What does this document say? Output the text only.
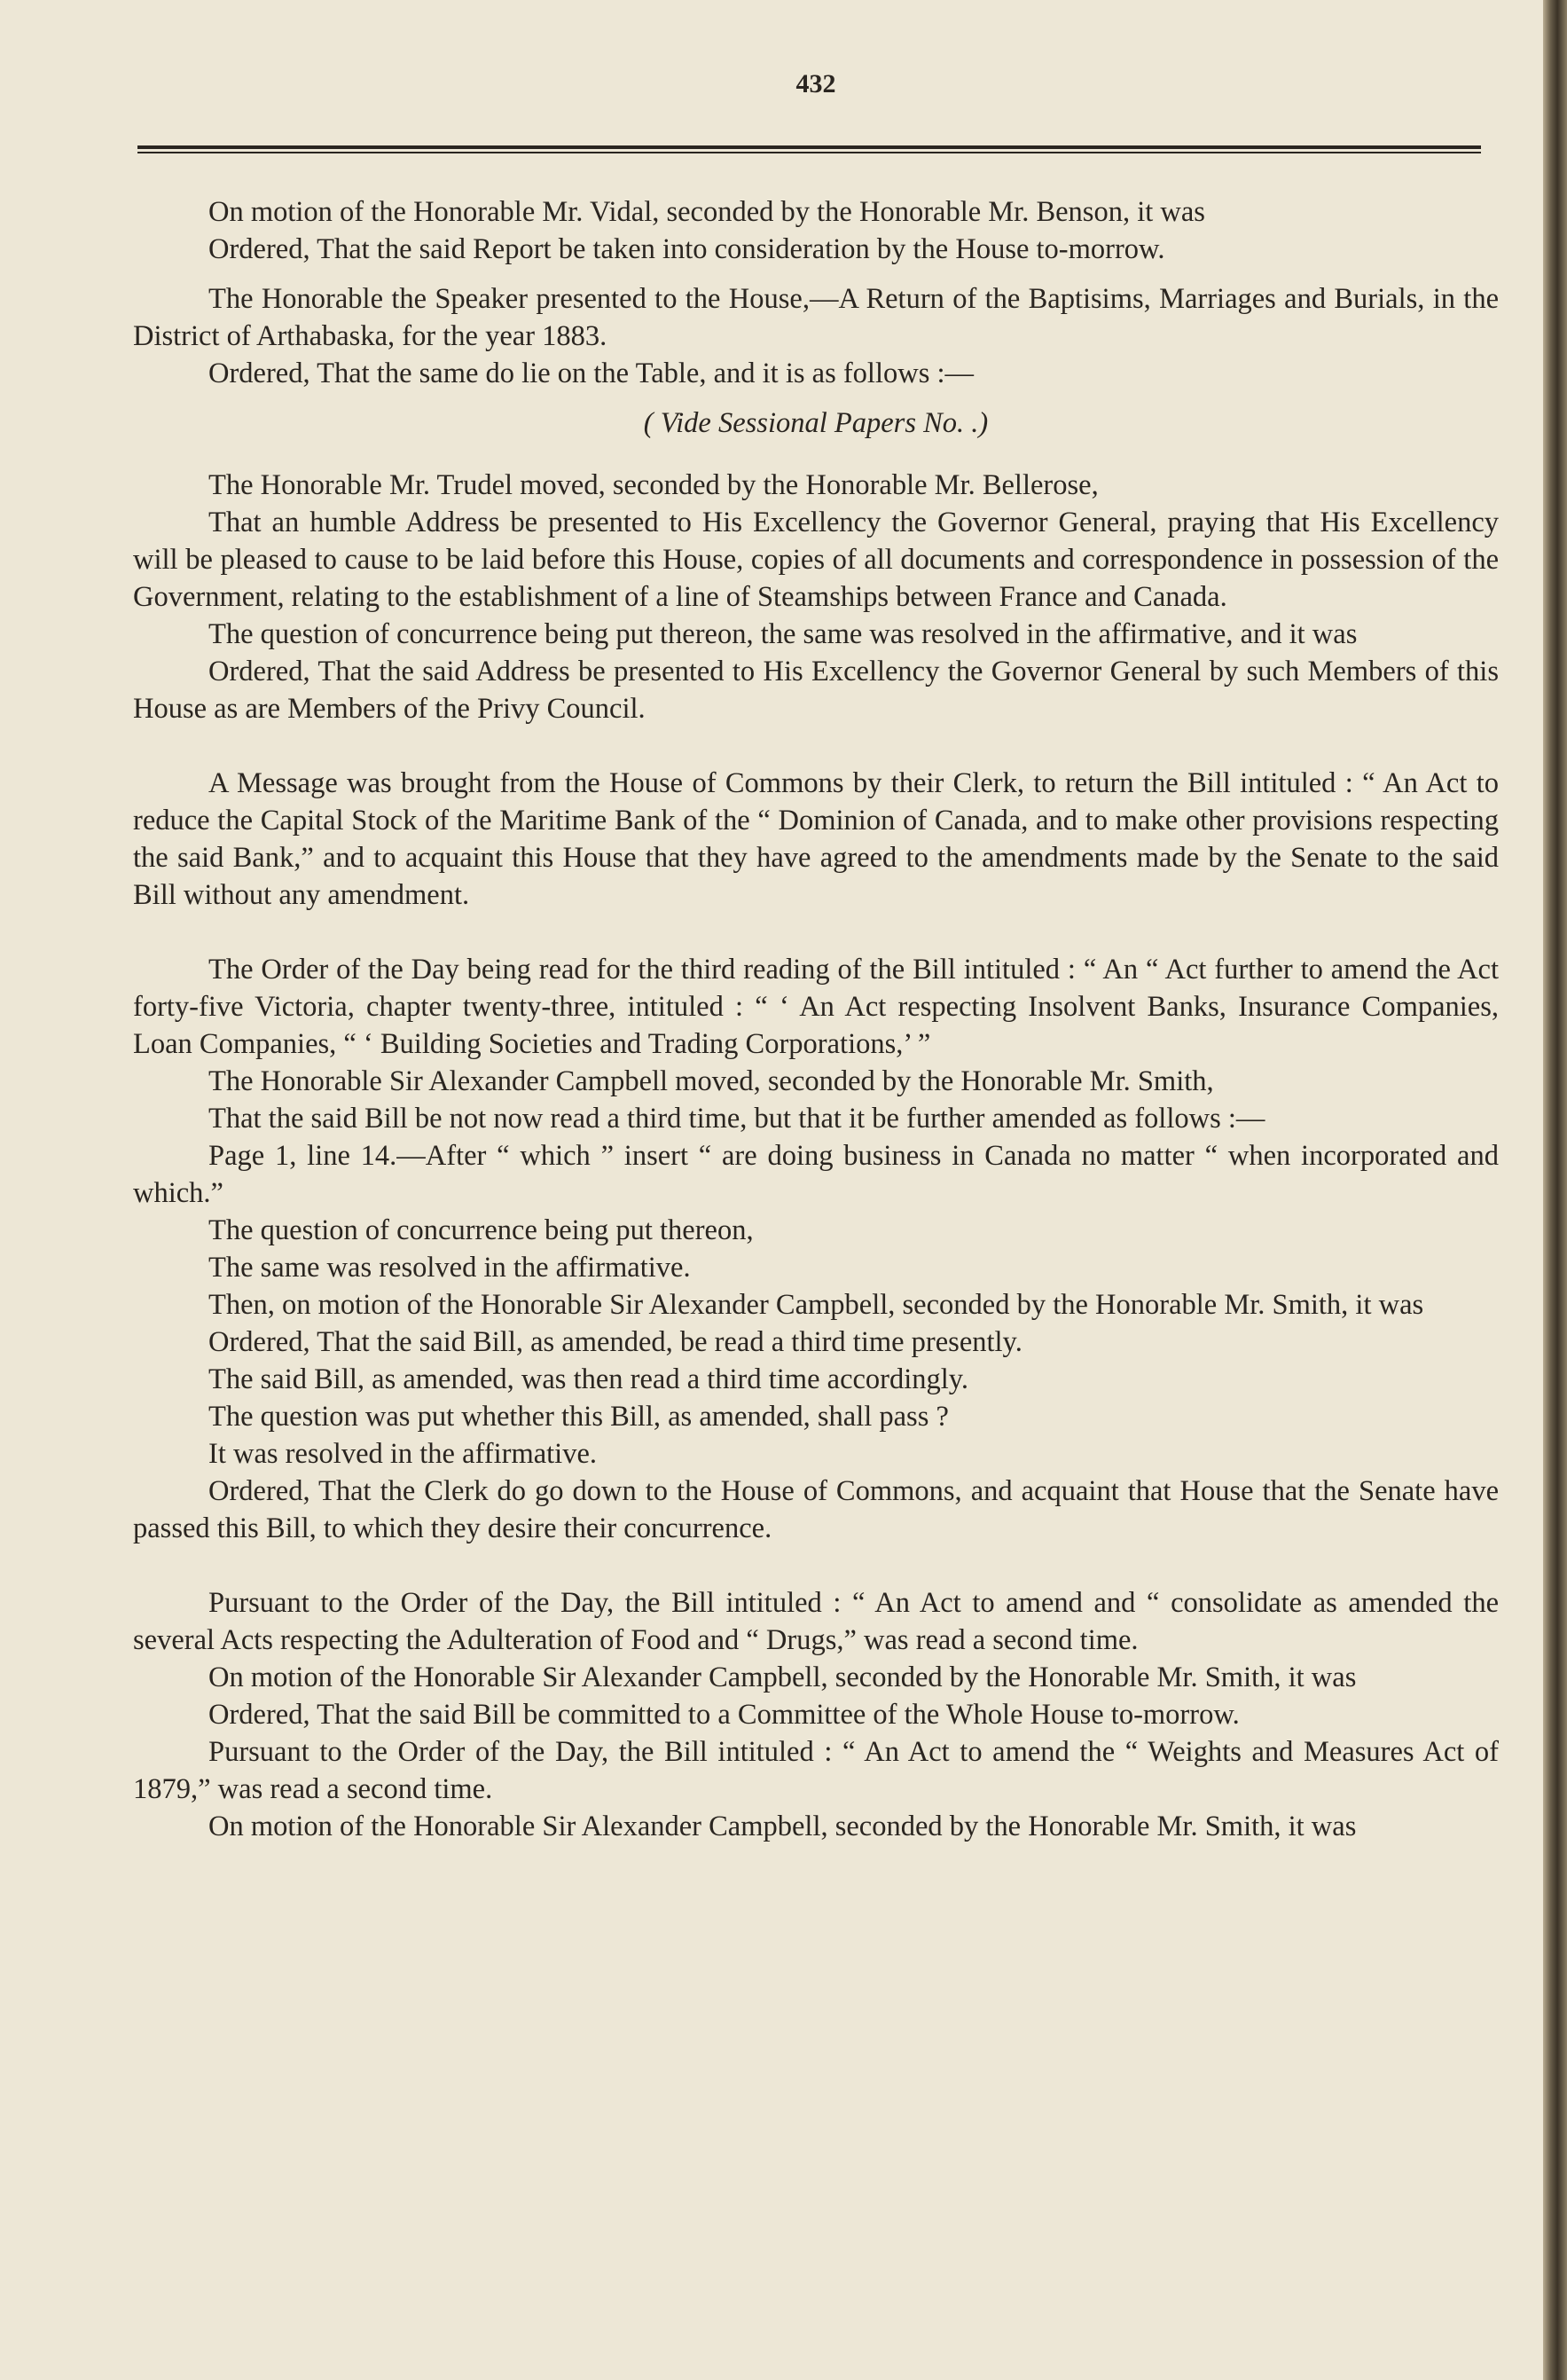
432

On motion of the Honorable Mr. Vidal, seconded by the Honorable Mr. Benson, it was

Ordered, That the said Report be taken into consideration by the House to-morrow.

The Honorable the Speaker presented to the House,—A Return of the Baptisims, Marriages and Burials, in the District of Arthabaska, for the year 1883.

Ordered, That the same do lie on the Table, and it is as follows :—

( Vide Sessional Papers No. .)

The Honorable Mr. Trudel moved, seconded by the Honorable Mr. Bellerose,

That an humble Address be presented to His Excellency the Governor General, praying that His Excellency will be pleased to cause to be laid before this House, copies of all documents and correspondence in possession of the Government, relating to the establishment of a line of Steamships between France and Canada.

The question of concurrence being put thereon, the same was resolved in the affirmative, and it was

Ordered, That the said Address be presented to His Excellency the Governor General by such Members of this House as are Members of the Privy Council.

A Message was brought from the House of Commons by their Clerk, to return the Bill intituled : “ An Act to reduce the Capital Stock of the Maritime Bank of the “ Dominion of Canada, and to make other provisions respecting the said Bank,” and to acquaint this House that they have agreed to the amendments made by the Senate to the said Bill without any amendment.

The Order of the Day being read for the third reading of the Bill intituled : “ An “ Act further to amend the Act forty-five Victoria, chapter twenty-three, intituled : “ ‘ An Act respecting Insolvent Banks, Insurance Companies, Loan Companies, “ ‘ Building Societies and Trading Corporations,’ ”

The Honorable Sir Alexander Campbell moved, seconded by the Honorable Mr. Smith,

That the said Bill be not now read a third time, but that it be further amended as follows :—

Page 1, line 14.—After “ which ” insert “ are doing business in Canada no matter “ when incorporated and which.”

The question of concurrence being put thereon,

The same was resolved in the affirmative.

Then, on motion of the Honorable Sir Alexander Campbell, seconded by the Honorable Mr. Smith, it was

Ordered, That the said Bill, as amended, be read a third time presently.

The said Bill, as amended, was then read a third time accordingly.

The question was put whether this Bill, as amended, shall pass ?

It was resolved in the affirmative.

Ordered, That the Clerk do go down to the House of Commons, and acquaint that House that the Senate have passed this Bill, to which they desire their concurrence.

Pursuant to the Order of the Day, the Bill intituled : “ An Act to amend and “ consolidate as amended the several Acts respecting the Adulteration of Food and “ Drugs,” was read a second time.

On motion of the Honorable Sir Alexander Campbell, seconded by the Honorable Mr. Smith, it was

Ordered, That the said Bill be committed to a Committee of the Whole House to-morrow.

Pursuant to the Order of the Day, the Bill intituled : “ An Act to amend the “ Weights and Measures Act of 1879,” was read a second time.

On motion of the Honorable Sir Alexander Campbell, seconded by the Honorable Mr. Smith, it was
